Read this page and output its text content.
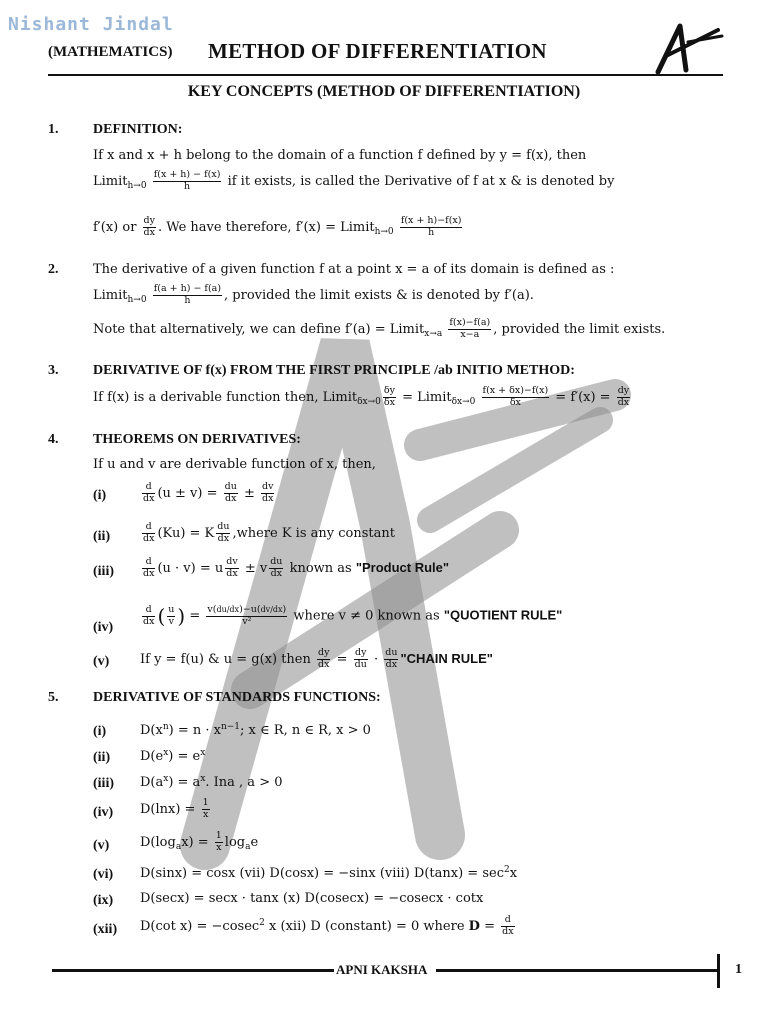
Nishant Jindal
(MATHEMATICS) METHOD OF DIFFERENTIATION
KEY CONCEPTS (METHOD OF DIFFERENTIATION)
1. DEFINITION:
If x and x + h belong to the domain of a function f defined by y = f(x), then
Limit$_{h\to 0}$ $\frac{f(x + h) - f(x)}{h}$ if it exists, is called the Derivative of f at x & is denoted by
f′(x) or $\frac{dy}{dx}$ . We have therefore, f′(x) = Limit$_{h\to 0}$ $\frac{f(x + h)-f(x)}{h}$
2.	The derivative of a given function f at a point x = a of its domain is defined as :
Limit$_{h\to 0}$ $\frac{f(a + h) - f(a)}{h}$ , provided the limit exists & is denoted by f′(a).
Note that alternatively, we can define f′(a) = Limit$_{x\to a}$ $\frac{f(x)-f(a)}{x-a}$ , provided the limit exists.
3. DERIVATIVE OF f(x) FROM THE FIRST PRINCIPLE /ab INITIO METHOD:
If f(x) is a derivable function then, Limit$_{\delta x\to 0}$ $\frac{\delta y}{\delta x}$ = Limit$_{\delta x\to 0}$ $\frac{f(x + \delta x)-f(x)}{\delta x} = f'(x) = \frac{dy}{dx}$
4. THEOREMS ON DERIVATIVES:
If u and v are derivable function of x, then,
(i)	$\frac{d}{dx} (u \pm v) = \frac{du}{dx} \pm \frac{dv}{dx}$
(ii)	$\frac{d}{dx} (Ku) = K \frac{du}{dx}$ ,where K is any constant
(iii)	$\frac{d}{dx} (u \cdot v) = u \frac{dv}{dx} \pm v \frac{du}{dx}$ known as "Product Rule"
(iv)
$\frac{d}{dx}$ ( $\frac{u}{v}$ ) = $\frac{v(du/dx)-u(dv/dx)}{\text{v²}}$ where v ≠ 0 known as "QUOTIENT RULE"
(v) If y = f(u) & u = g(x) then $\frac{dy}{dx} = \frac{dy}{du} \cdot \frac{du}{dx}$ "CHAIN RULE"
5. DERIVATIVE OF STANDARDS FUNCTIONS:
(i)	$D(x^n) = n \cdot x^{n-1}$; x ∈ R, n ∈ R, x > 0
(ii) $D(e^x) = e^x$
(iii) $D(a^x) = a^x$. Ina , a > 0
(iv) $D(\ln x) = \frac{1}{x}$
(v) $D(\log_ax) = \frac{1}{x} \log_ae$
(vi) D(sinx) = cosx (vii) D(cosx) = −sinx (viii) $D(\tan x) = \sec^2x$
(ix) D(secx) = secx · tanx (x) D(cosecx) = −cosecx · cotx
(xii) D(cot x) = −cosec$^2$ x (xii) D (constant) = 0 where $D = \frac{d}{dx}$
APNI KAKSHA	1
